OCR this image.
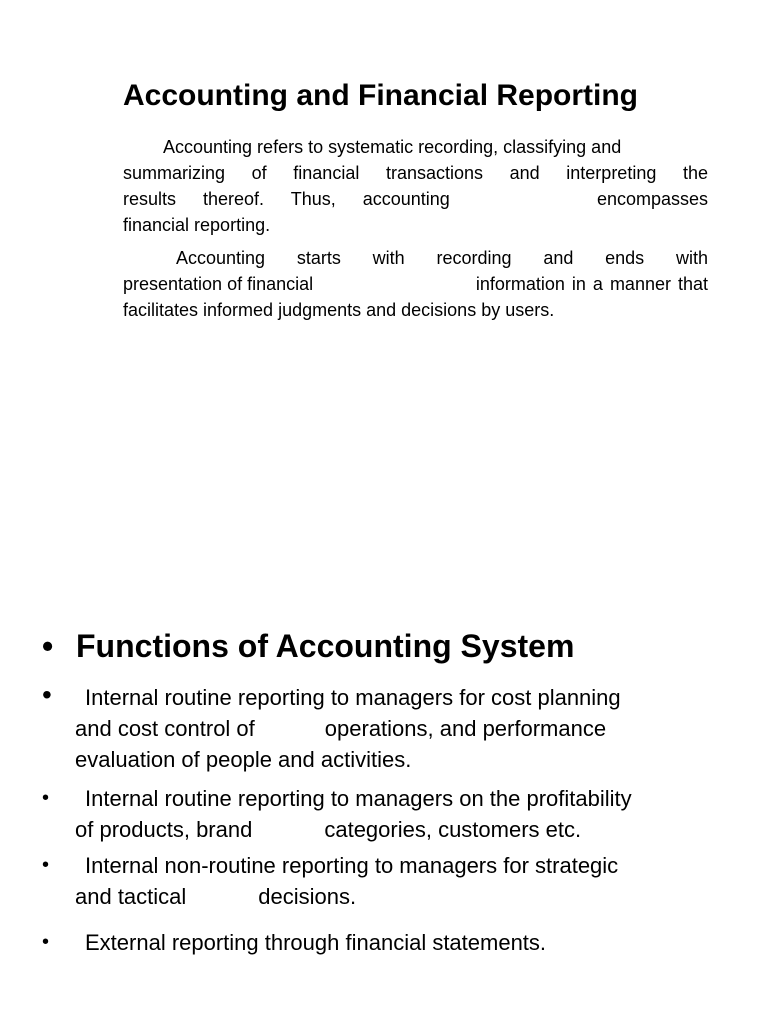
Accounting and Financial Reporting
Accounting refers to systematic recording, classifying and
summarizing of financial transactions and interpreting the
results thereof. Thus, accounting	encompasses
financial reporting.
Accounting starts with recording and ends with
presentation of financial	information in a manner that
facilitates informed judgments and decisions by users.
• Functions of Accounting System
•	Internal routine reporting to managers for cost planning
and cost control of	operations, and performance
evaluation of people and activities.
•	Internal routine reporting to managers on the profitability
of products, brand	categories, customers etc.
•	Internal non-routine reporting to managers for strategic
and tactical	decisions.
•	External reporting through financial statements.
